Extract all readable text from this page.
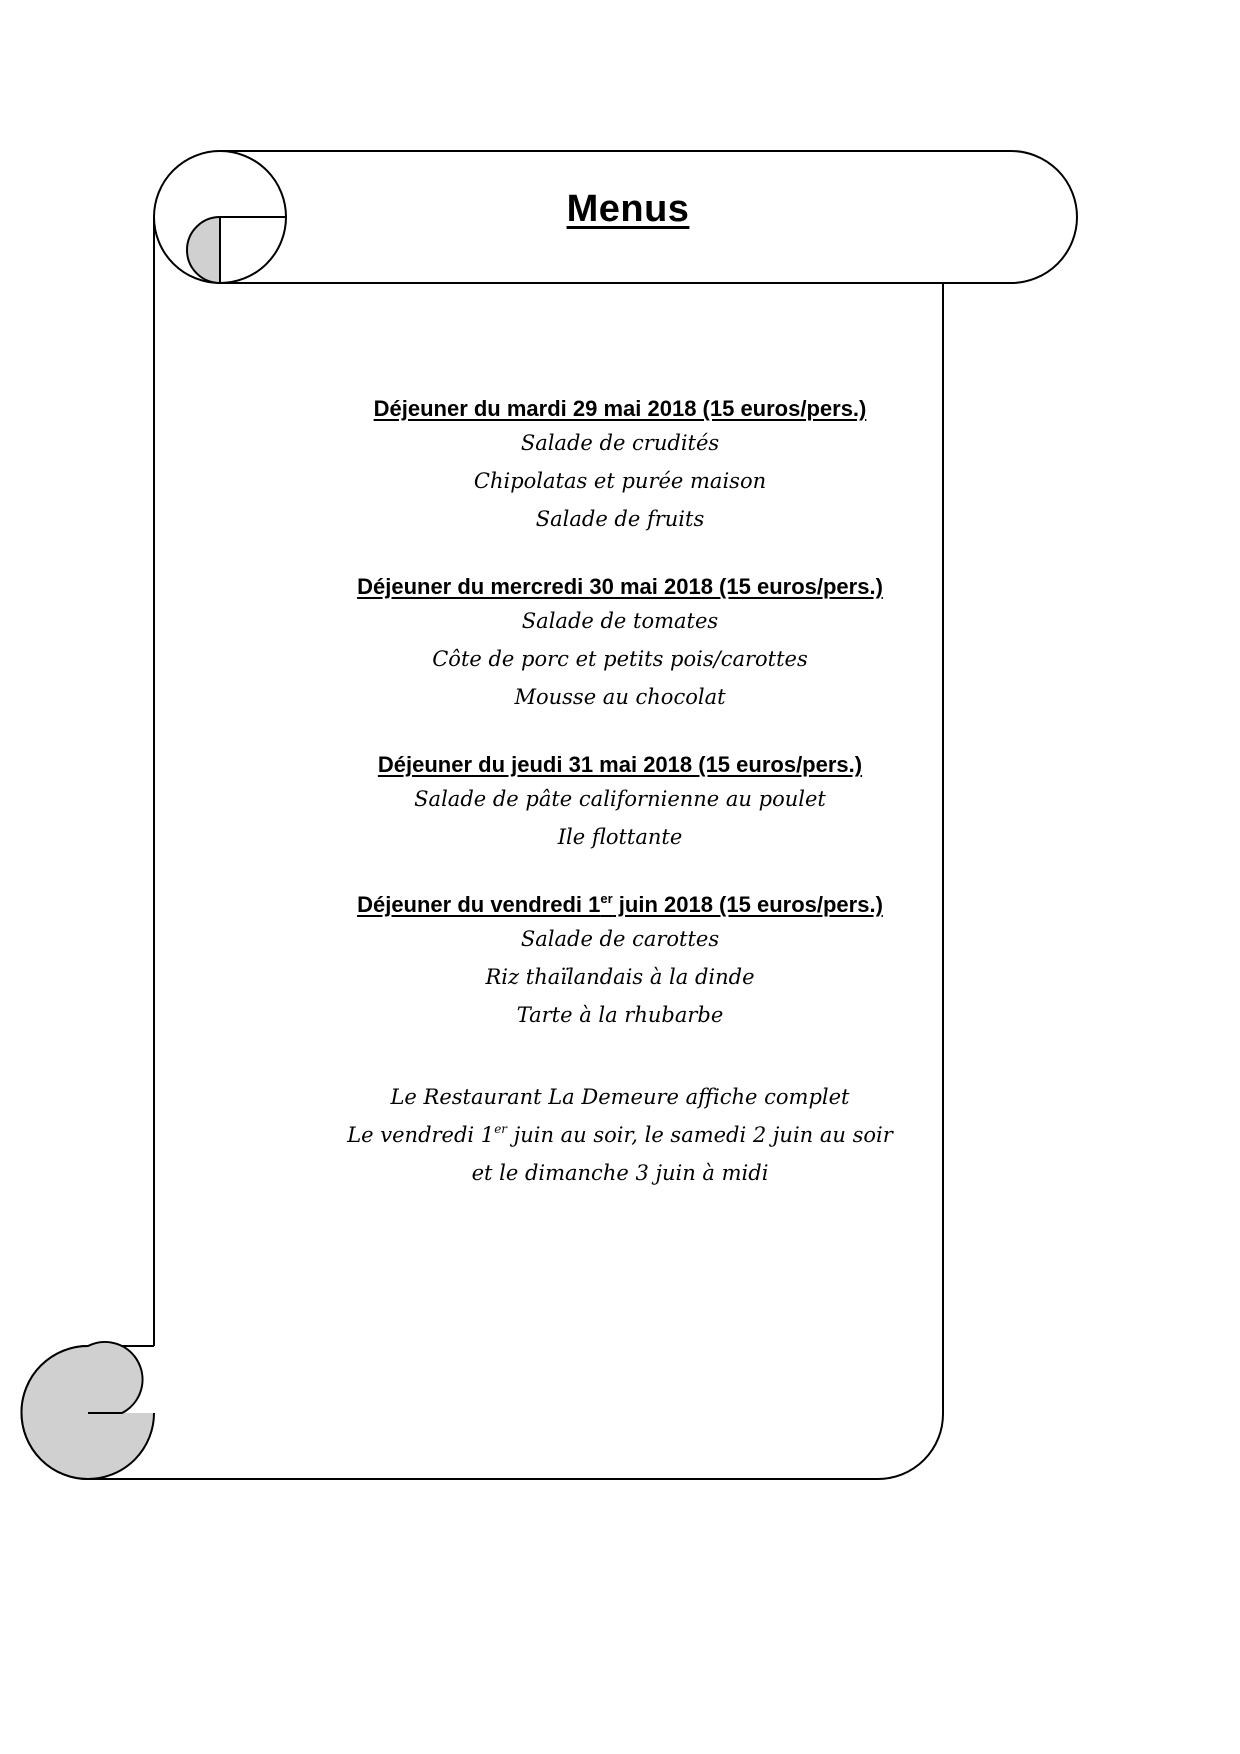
Menus
Déjeuner du mardi 29 mai 2018 (15 euros/pers.)
Salade de crudités
Chipolatas et purée maison
Salade de fruits
Déjeuner du mercredi 30 mai 2018 (15 euros/pers.)
Salade de tomates
Côte de porc et petits pois/carottes
Mousse au chocolat
Déjeuner du jeudi 31 mai 2018 (15 euros/pers.)
Salade de pâte californienne au poulet
Ile flottante
Déjeuner du vendredi 1er juin 2018 (15 euros/pers.)
Salade de carottes
Riz thaïlandais à la dinde
Tarte à la rhubarbe
Le Restaurant La Demeure affiche complet
Le vendredi 1er juin au soir, le samedi 2 juin au soir
et le dimanche 3 juin à midi
